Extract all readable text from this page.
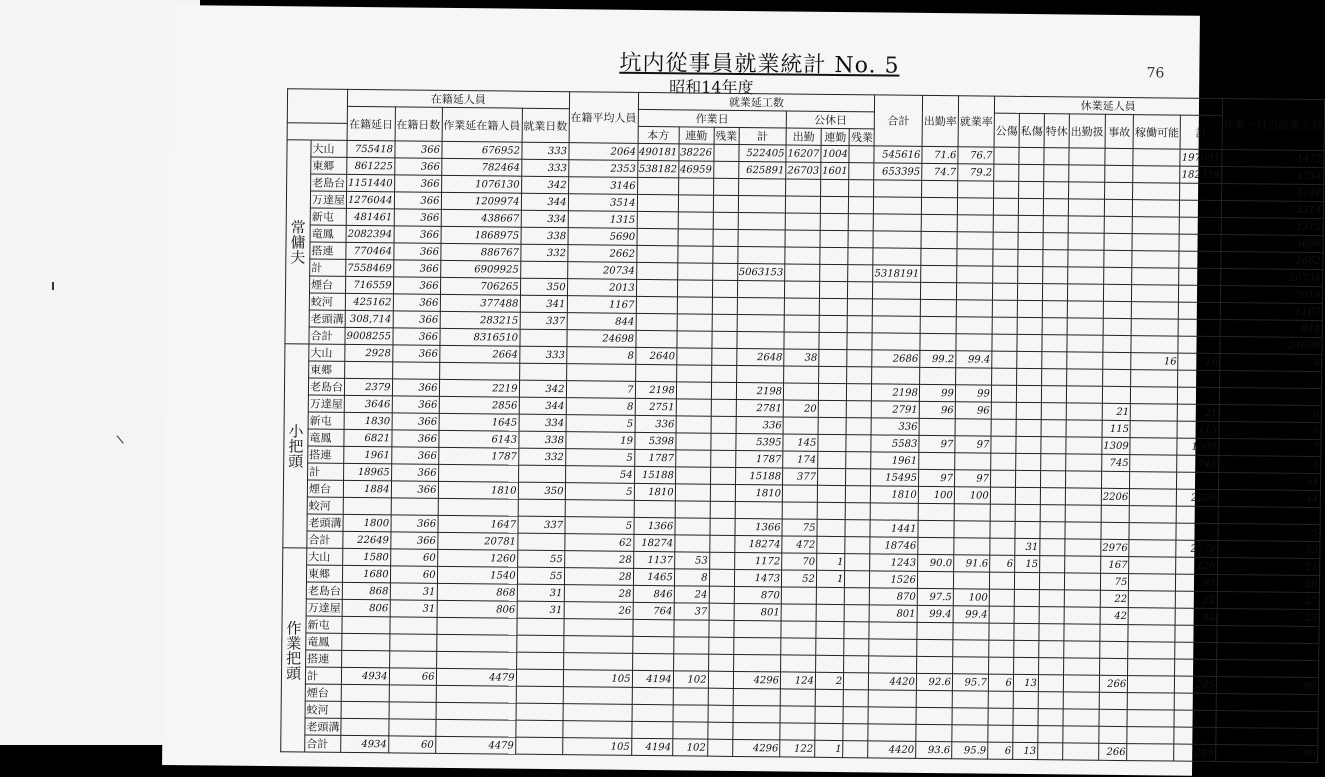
坑内從事員就業統計 No. 5	76
昭和14年度
		在籍延人員				在籍平均人員	就業延工数							合計	出勤率	就業率	休業延人員							作業一日当就業人員
		在籍延日	在籍日数	作業延在籍人員	就業日数		作業日				公休日						公傷	私傷	特休	出勤扱	事故	稼働可能	計	
							本方	連勤	残業	計	出勤	連勤	残業											
常傭夫	大山	755418	366	676952	333	2064	490181	38226		522405	16207	1004		545616	71.6	76.7							197091	1472
	東郷	861225	366	782464	333	2353	538182	46959		625891	26703	1601		653395	74.7	79.2							182328	1754
	老島台	1151440	366	1076130	342	3146																		3146
	万達屋	1276044	366	1209974	344	3514																		3514
	新屯	481461	366	438667	334	1315																		1315
	竜鳳	2082394	366	1868975	338	5690																		5690
	搭連	770464	366	886767	332	2662																		2662
	計	7558469	366	6909925		20734				5063153				5318191										20734
	煙台	716559	366	706265	350	2013																		2013
	蛟河	425162	366	377488	341	1167																		1167
	老頭溝	308,714	366	283215	337	844																		844
	合計	9008255	366	8316510		24698																		24698
小把頭	大山	2928	366	2664	333	8	2640			2648	38			2686	99.2	99.4						16	16	8
	東郷																							
	老島台	2379	366	2219	342	7	2198			2198				2198	99	99								
	万達屋	3646	366	2856	344	8	2751			2781	20			2791	96	96					21		21	6
	新屯	1830	366	1645	334	5	336			336				336							115		115	8
	竜鳳	6821	366	6143	338	19	5398			5395	145			5583	97	97					1309		1309	7
	搭連	1961	366	1787	332	5	1787			1787	174			1961							745		745	5
	計	18965	366			54	15188			15188	377			15495	97	97								54
	煙台	1884	366	1810	350	5	1810			1810				1810	100	100					2206		2206	44
	蛟河																							
	老頭溝	1800	366	1647	337	5	1366			1366	75			1441										5
	合計	22649	366	20781		62	18274			18274	472			18746				31			2976		2579	53
作業把頭	大山	1580	60	1260	55	28	1137	53		1172	70	1		1243	90.0	91.6	6	15			167		126	21
	東郷	1680	60	1540	55	28	1465	8		1473	52	1		1526							75		95	26
	老島台	868	31	868	31	28	846	24		870				870	97.5	100					22		22	27
	万達屋	806	31	806	31	26	764	37		801				801	99.4	99.4					42		42	25
	新屯																							
	竜鳳																							
	搭連																							
	計	4934	66	4479		105	4194	102		4296	124	2		4420	92.6	95.7	6	13			266		285	99
	煙台																							
	蛟河																							
	老頭溝																							
	合計	4934	60	4479		105	4194	102		4296	122	1		4420	93.6	95.9	6	13			266		285	99
